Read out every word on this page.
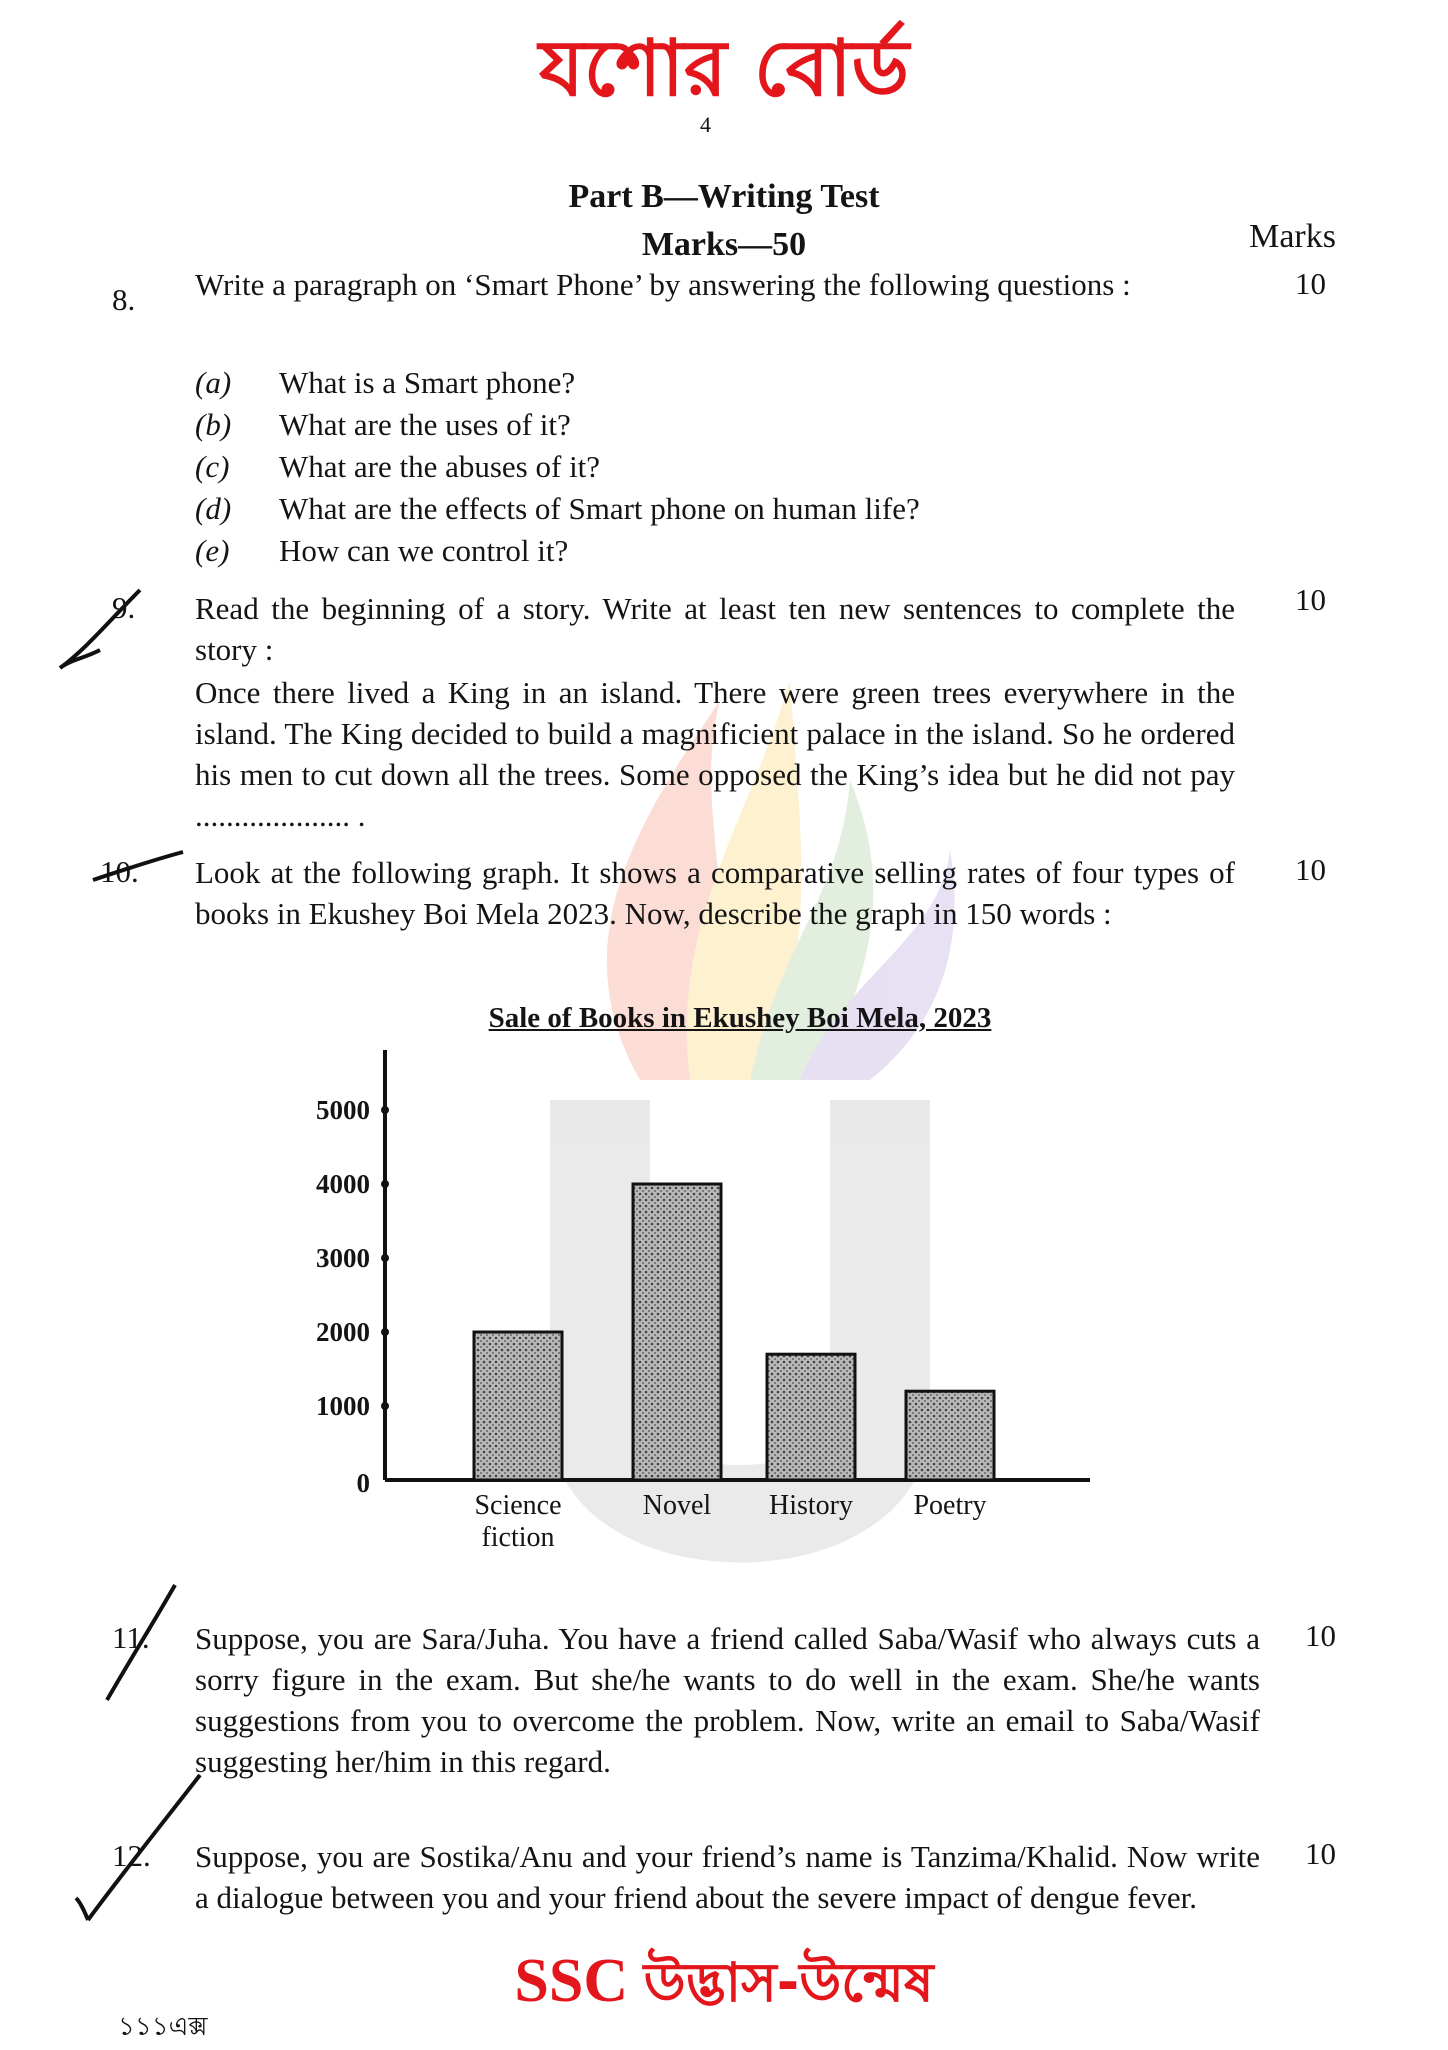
যশোর বোর্ড
4
Part B—Writing Test
Marks—50	Marks
8.	10
Write a paragraph on ‘Smart Phone’ by answering the following questions :
(a)	What is a Smart phone?
(b)	What are the uses of it?
(c)	What are the abuses of it?
(d)	What are the effects of Smart phone on human life?
(e)	How can we control it?
9.	10
Read the beginning of a story. Write at least ten new sentences to complete the story :
Once there lived a King in an island. There were green trees everywhere in the island. The King decided to build a magnificient palace in the island. So he ordered his men to cut down all the trees. Some opposed the King’s idea but he did not pay .................... .
10.	10
Look at the following graph. It shows a comparative selling rates of four types of books in Ekushey Boi Mela 2023. Now, describe the graph in 150 words :
Sale of Books in Ekushey Boi Mela, 2023
0
1000
2000
3000
4000
5000
Science
fiction
Novel History Poetry
11.	10
Suppose, you are Sara/Juha. You have a friend called Saba/Wasif who always cuts a sorry figure in the exam. But she/he wants to do well in the exam. She/he wants suggestions from you to overcome the problem. Now, write an email to Saba/Wasif suggesting her/him in this regard.
12.	10
Suppose, you are Sostika/Anu and your friend’s name is Tanzima/Khalid. Now write a dialogue between you and your friend about the severe impact of dengue fever.
SSC উদ্ভাস-উন্মেষ
১১১এক্স
